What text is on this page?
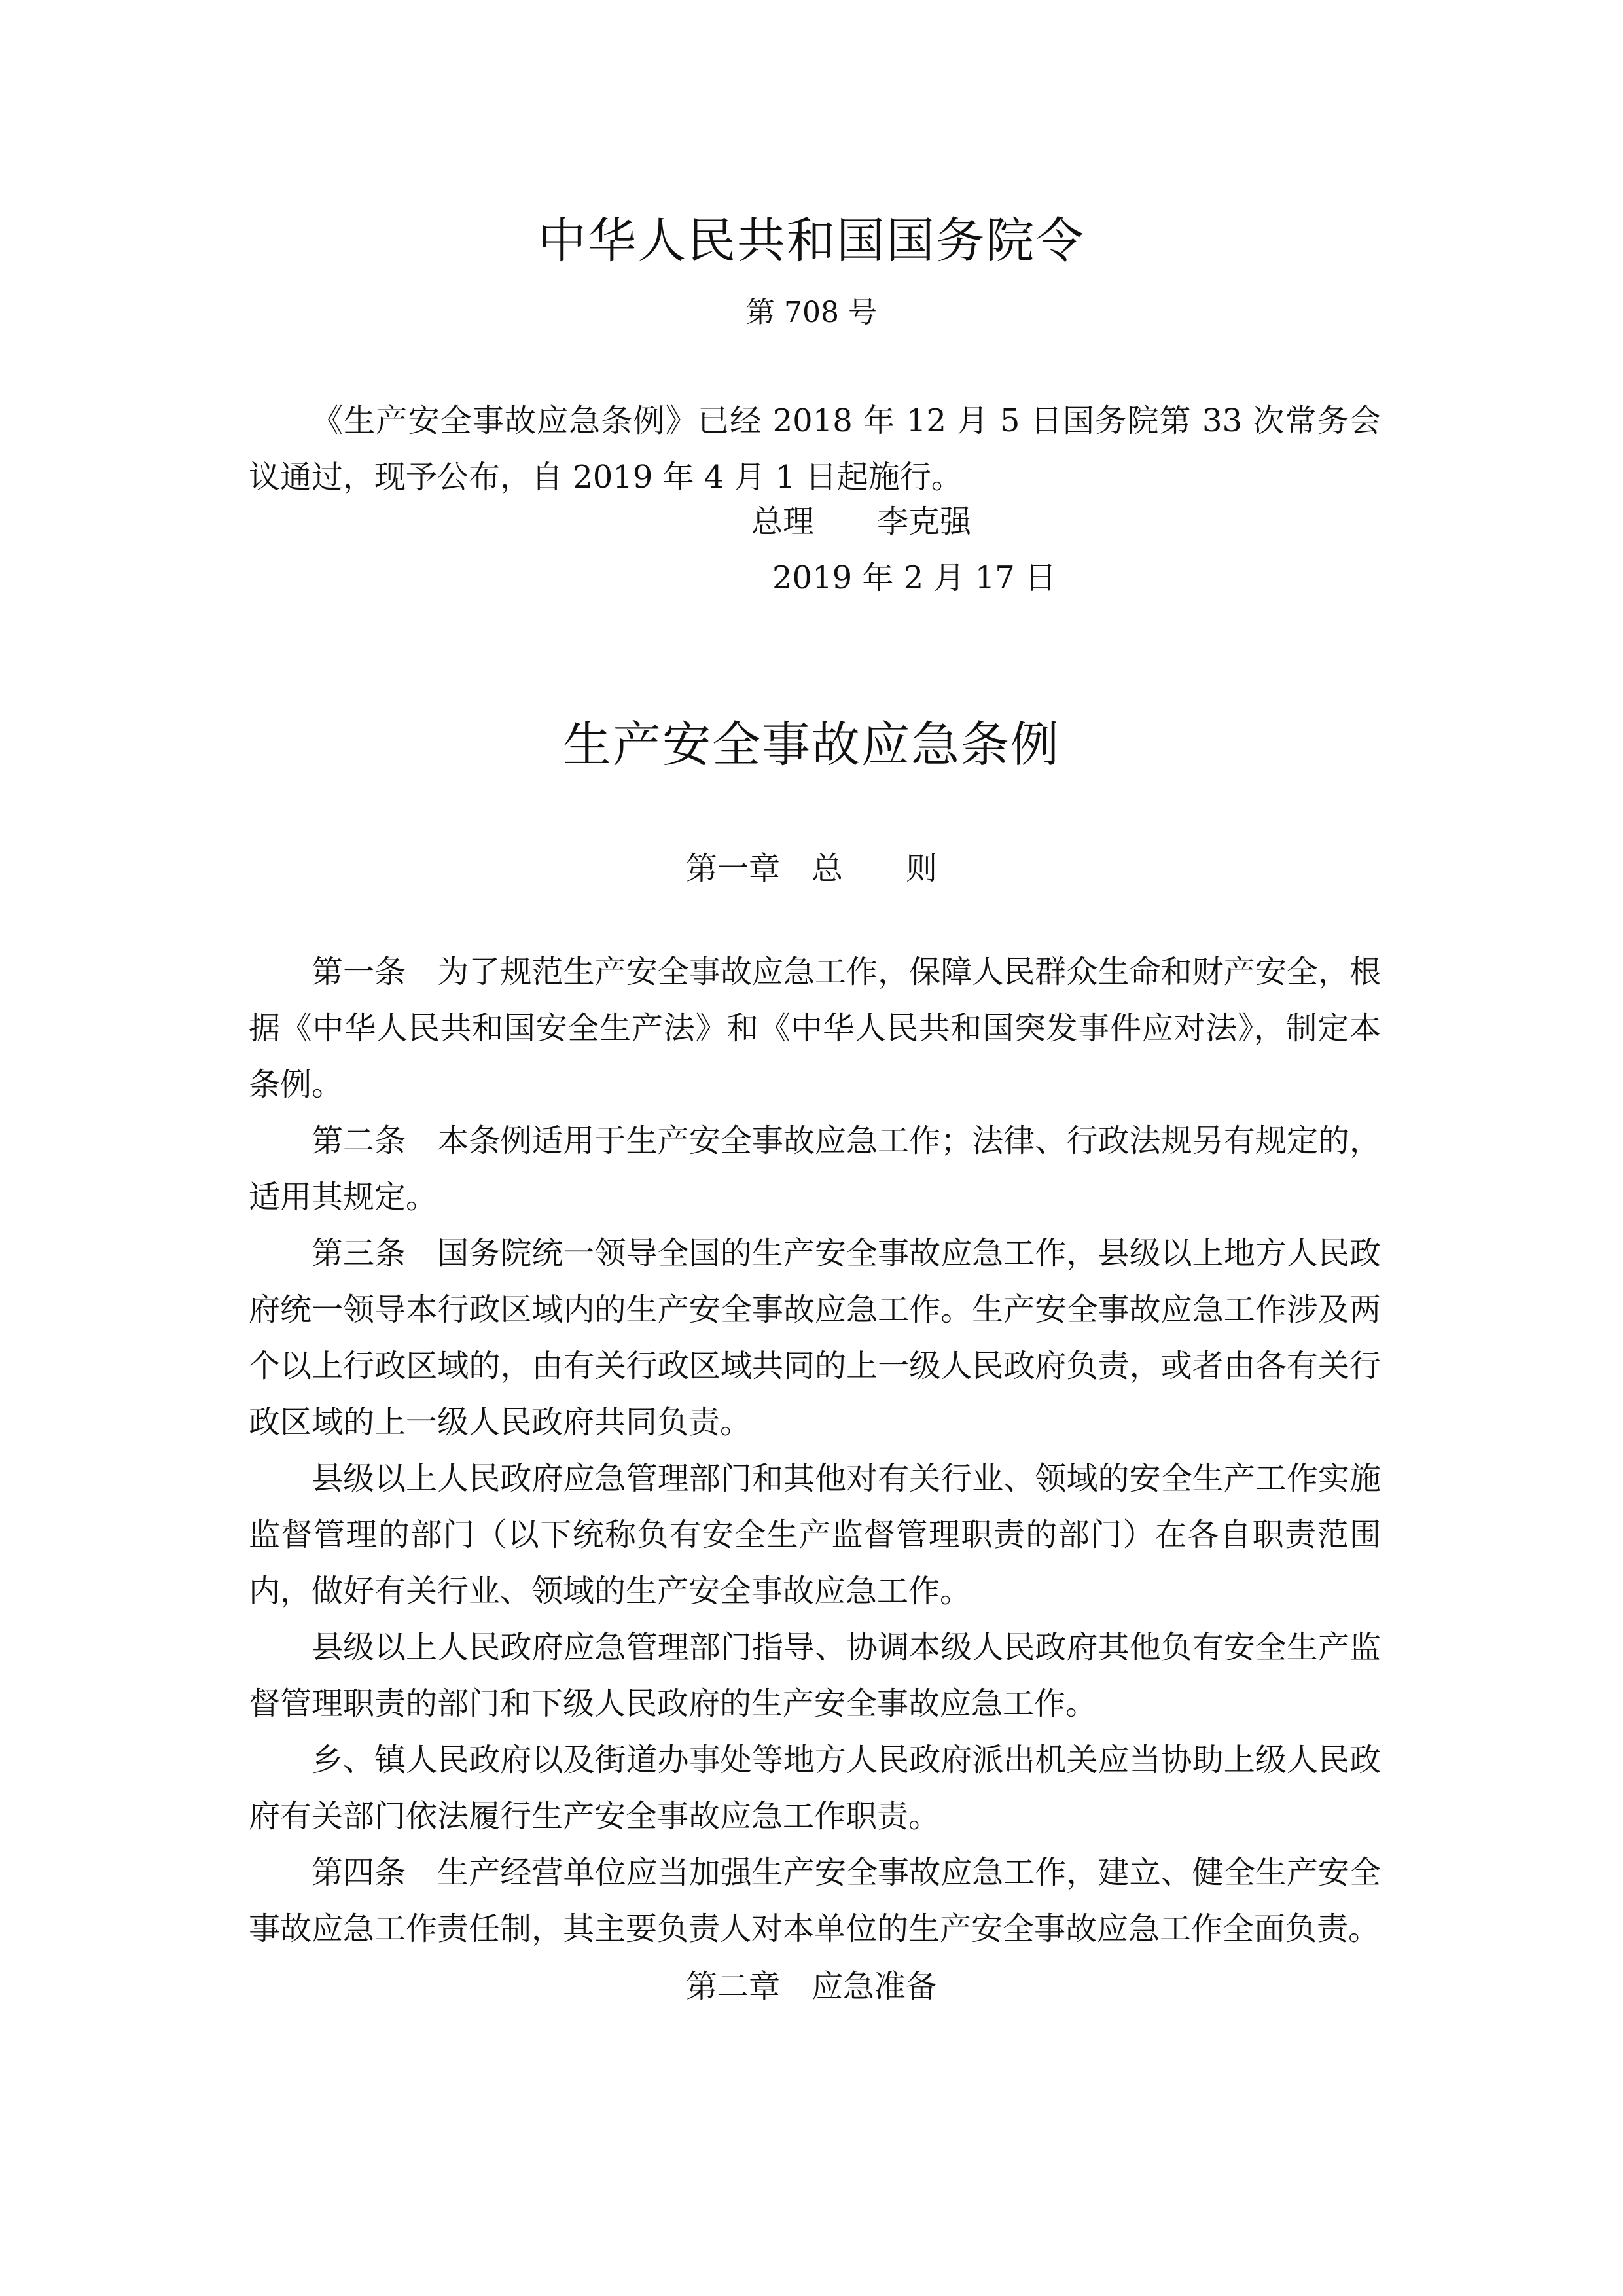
中华人民共和国国务院令
第 708 号
《生产安全事故应急条例》已经 2018 年 12 月 5 日国务院第 33 次常务会议通过，现予公布，自 2019 年 4 月 1 日起施行。
总理　　李克强
2019 年 2 月 17 日
生产安全事故应急条例
第一章　总　　则

第一条　为了规范生产安全事故应急工作，保障人民群众生命和财产安全，根据《中华人民共和国安全生产法》和《中华人民共和国突发事件应对法》，制定本条例。

第二条　本条例适用于生产安全事故应急工作；法律、行政法规另有规定的，适用其规定。

第三条　国务院统一领导全国的生产安全事故应急工作，县级以上地方人民政府统一领导本行政区域内的生产安全事故应急工作。生产安全事故应急工作涉及两个以上行政区域的，由有关行政区域共同的上一级人民政府负责，或者由各有关行政区域的上一级人民政府共同负责。

县级以上人民政府应急管理部门和其他对有关行业、领域的安全生产工作实施监督管理的部门（以下统称负有安全生产监督管理职责的部门）在各自职责范围内，做好有关行业、领域的生产安全事故应急工作。

县级以上人民政府应急管理部门指导、协调本级人民政府其他负有安全生产监督管理职责的部门和下级人民政府的生产安全事故应急工作。

乡、镇人民政府以及街道办事处等地方人民政府派出机关应当协助上级人民政府有关部门依法履行生产安全事故应急工作职责。

第四条　生产经营单位应当加强生产安全事故应急工作，建立、健全生产安全事故应急工作责任制，其主要负责人对本单位的生产安全事故应急工作全面负责。

第二章　应急准备
